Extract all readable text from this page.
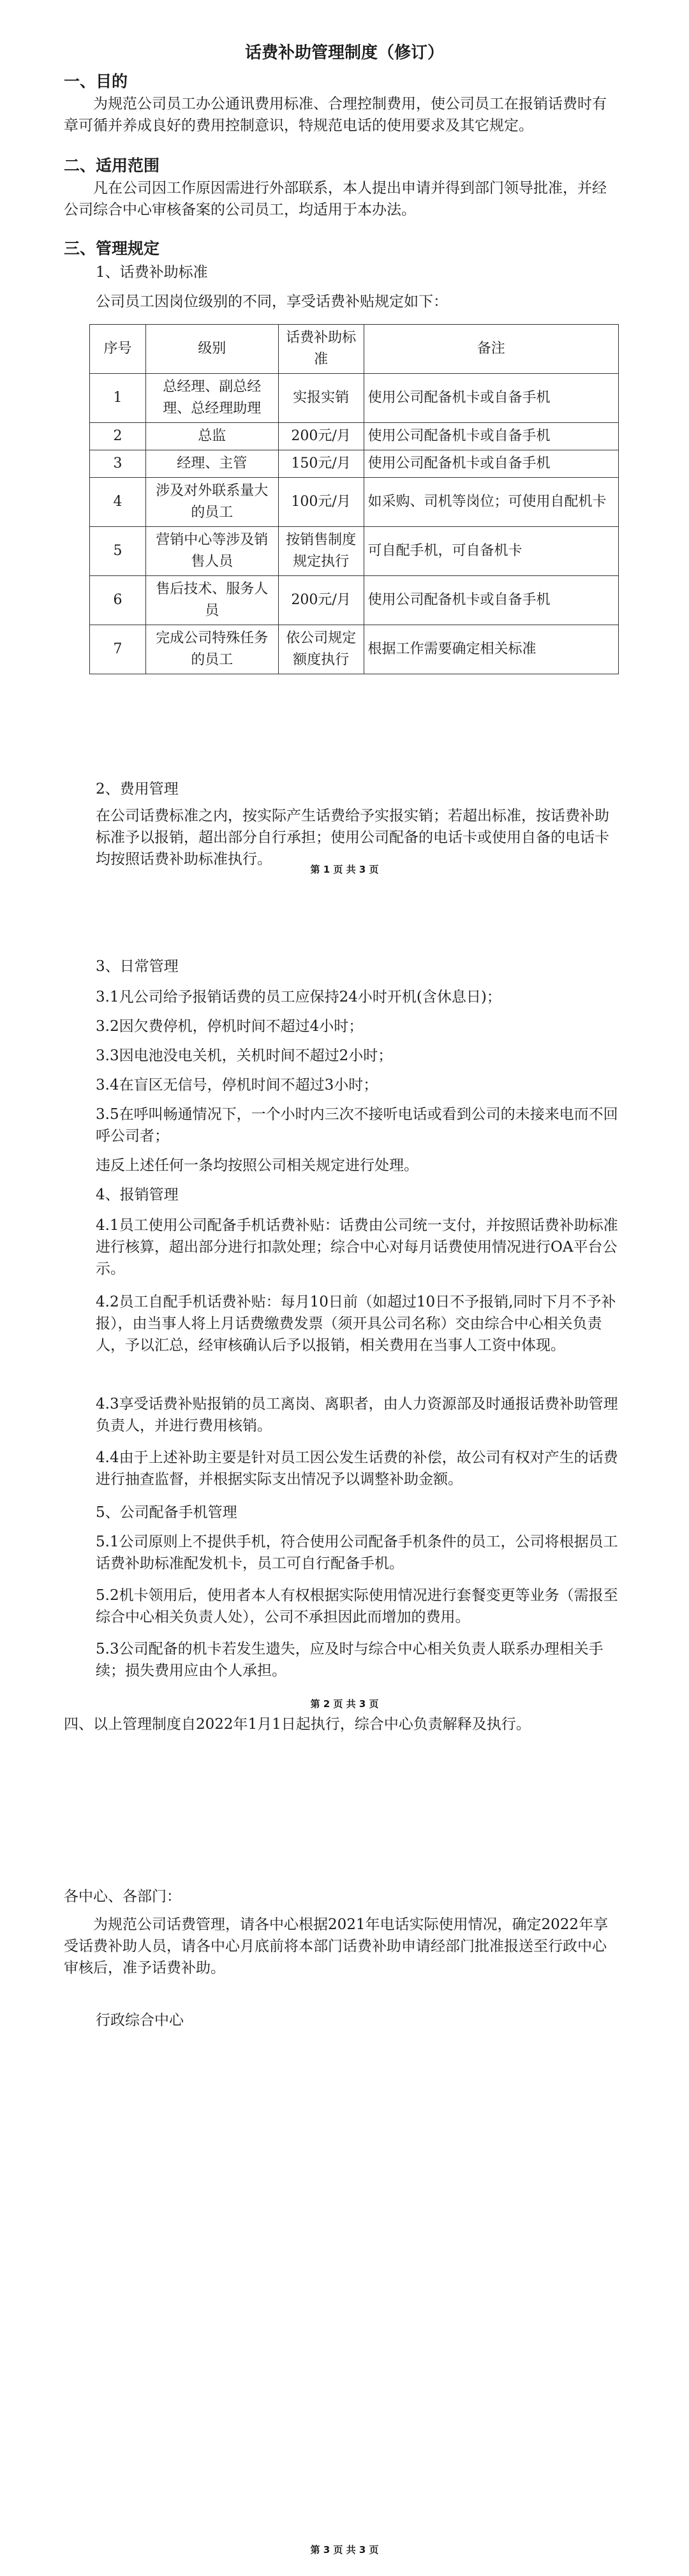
话费补助管理制度（修订）
一、目的
为规范公司员工办公通讯费用标准、合理控制费用，使公司员工在报销话费时有章可循并养成良好的费用控制意识，特规范电话的使用要求及其它规定。
二、适用范围
凡在公司因工作原因需进行外部联系，本人提出申请并得到部门领导批准，并经公司综合中心审核备案的公司员工，均适用于本办法。
三、管理规定
1、话费补助标准
公司员工因岗位级别的不同，享受话费补贴规定如下：
序号	级别	话费补助标准	备注
1	总经理、副总经理、总经理助理	实报实销	使用公司配备机卡或自备手机
2	总监	200元/月	使用公司配备机卡或自备手机
3	经理、主管	150元/月	使用公司配备机卡或自备手机
4	涉及对外联系量大的员工	100元/月	如采购、司机等岗位；可使用自配机卡
5	营销中心等涉及销售人员	按销售制度规定执行	可自配手机，可自备机卡
6	售后技术、服务人员	200元/月	使用公司配备机卡或自备手机
7	完成公司特殊任务的员工	依公司规定额度执行	根据工作需要确定相关标准
2、费用管理
在公司话费标准之内，按实际产生话费给予实报实销；若超出标准，按话费补助标准予以报销，超出部分自行承担；使用公司配备的电话卡或使用自备的电话卡均按照话费补助标准执行。
第 1 页 共 3 页
3、日常管理
3.1凡公司给予报销话费的员工应保持24小时开机(含休息日)；
3.2因欠费停机，停机时间不超过4小时；
3.3因电池没电关机，关机时间不超过2小时；
3.4在盲区无信号，停机时间不超过3小时；
3.5在呼叫畅通情况下，一个小时内三次不接听电话或看到公司的未接来电而不回呼公司者；
违反上述任何一条均按照公司相关规定进行处理。
4、报销管理
4.1员工使用公司配备手机话费补贴：话费由公司统一支付，并按照话费补助标准进行核算，超出部分进行扣款处理；综合中心对每月话费使用情况进行OA平台公示。
4.2员工自配手机话费补贴：每月10日前（如超过10日不予报销,同时下月不予补报），由当事人将上月话费缴费发票（须开具公司名称）交由综合中心相关负责人，予以汇总，经审核确认后予以报销，相关费用在当事人工资中体现。
4.3享受话费补贴报销的员工离岗、离职者，由人力资源部及时通报话费补助管理负责人，并进行费用核销。
4.4由于上述补助主要是针对员工因公发生话费的补偿，故公司有权对产生的话费进行抽查监督，并根据实际支出情况予以调整补助金额。
5、公司配备手机管理
5.1公司原则上不提供手机，符合使用公司配备手机条件的员工，公司将根据员工话费补助标准配发机卡，员工可自行配备手机。
5.2机卡领用后，使用者本人有权根据实际使用情况进行套餐变更等业务（需报至综合中心相关负责人处），公司不承担因此而增加的费用。
5.3公司配备的机卡若发生遗失，应及时与综合中心相关负责人联系办理相关手续；损失费用应由个人承担。
第 2 页 共 3 页
四、以上管理制度自2022年1月1日起执行，综合中心负责解释及执行。
各中心、各部门：
为规范公司话费管理，请各中心根据2021年电话实际使用情况，确定2022年享受话费补助人员，请各中心月底前将本部门话费补助申请经部门批准报送至行政中心审核后，准予话费补助。
行政综合中心
第 3 页 共 3 页
